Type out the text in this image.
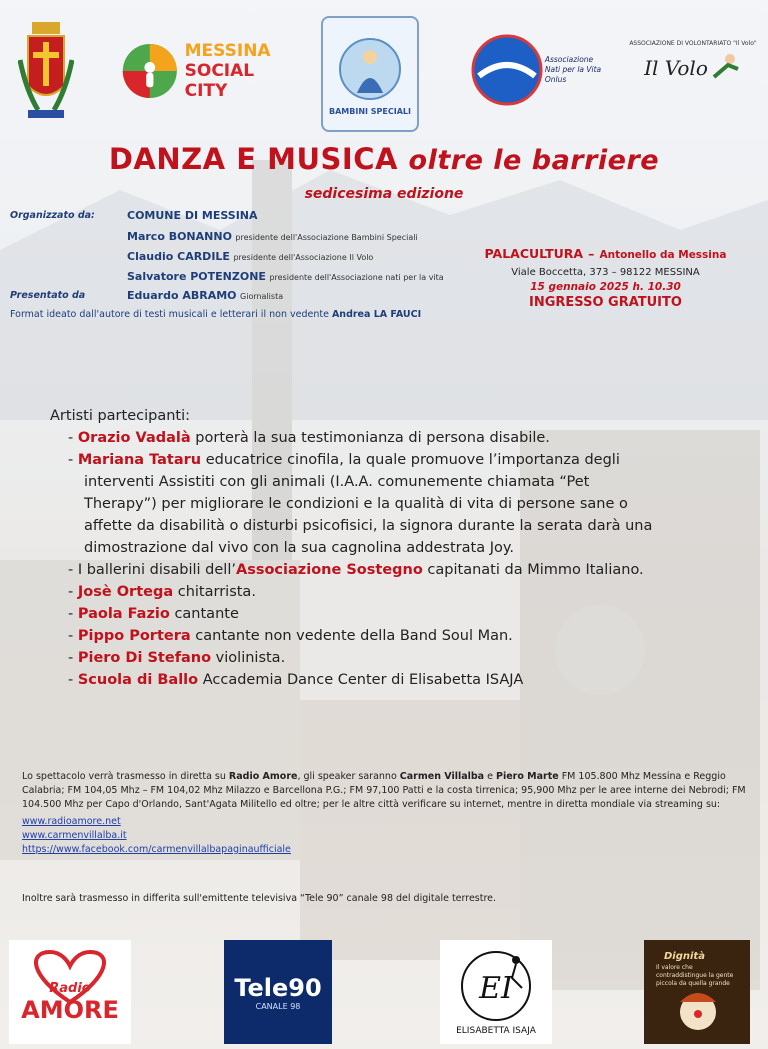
MESSINA
SOCIAL CITY
BAMBINI SPECIALI
Associazione
Nati per la Vita
Onlus
ASSOCIAZIONE DI VOLONTARIATO "Il Volo"
Il Volo
DANZA E MUSICA oltre le barriere
sedicesima edizione
Organizzato da:	COMUNE DI MESSINA
Marco BONANNO presidente dell'Associazione Bambini Speciali
Claudio CARDILE presidente dell'Associazione Il Volo
Salvatore POTENZONE presidente dell'Associazione nati per la vita
Presentato da	Eduardo ABRAMO Giornalista
Format ideato dall'autore di testi musicali e letterari il non vedente Andrea LA FAUCI
PALACULTURA – Antonello da Messina
Viale Boccetta, 373 – 98122 MESSINA
15 gennaio 2025 h. 10.30
INGRESSO GRATUITO
Artisti partecipanti:
- Orazio Vadalà porterà la sua testimonianza di persona disabile.
- Mariana Tataru educatrice cinofila, la quale promuove l’importanza degli
interventi Assistiti con gli animali (I.A.A. comunemente chiamata “Pet
Therapy”) per migliorare le condizioni e la qualità di vita di persone sane o
affette da disabilità o disturbi psicofisici, la signora durante la serata darà una
dimostrazione dal vivo con la sua cagnolina addestrata Joy.
- I ballerini disabili dell’Associazione Sostegno capitanati da Mimmo Italiano.
- Josè Ortega chitarrista.
- Paola Fazio cantante
- Pippo Portera cantante non vedente della Band Soul Man.
- Piero Di Stefano violinista.
- Scuola di Ballo Accademia Dance Center di Elisabetta ISAJA
Lo spettacolo verrà trasmesso in diretta su Radio Amore, gli speaker saranno Carmen Villalba e Piero Marte FM 105.800 Mhz Messina e Reggio Calabria; FM 104,05 Mhz – FM 104,02 Mhz Milazzo e Barcellona P.G.; FM 97,100 Patti e la costa tirrenica; 95,900 Mhz per le aree interne dei Nebrodi; FM 104.500 Mhz per Capo d'Orlando, Sant'Agata Militello ed oltre; per le altre città verificare su internet, mentre in diretta mondiale via streaming su:
www.radioamore.net
www.carmenvillalba.it
https://www.facebook.com/carmenvillalbapaginaufficiale
Inoltre sarà trasmesso in differita sull'emittente televisiva “Tele 90” canale 98 del digitale terrestre.
Radio
AMORE
Tele90
CANALE 98	EI
ELISABETTA ISAJA
Dignità
Il valore che contraddistingue la gente piccola da quella grande
